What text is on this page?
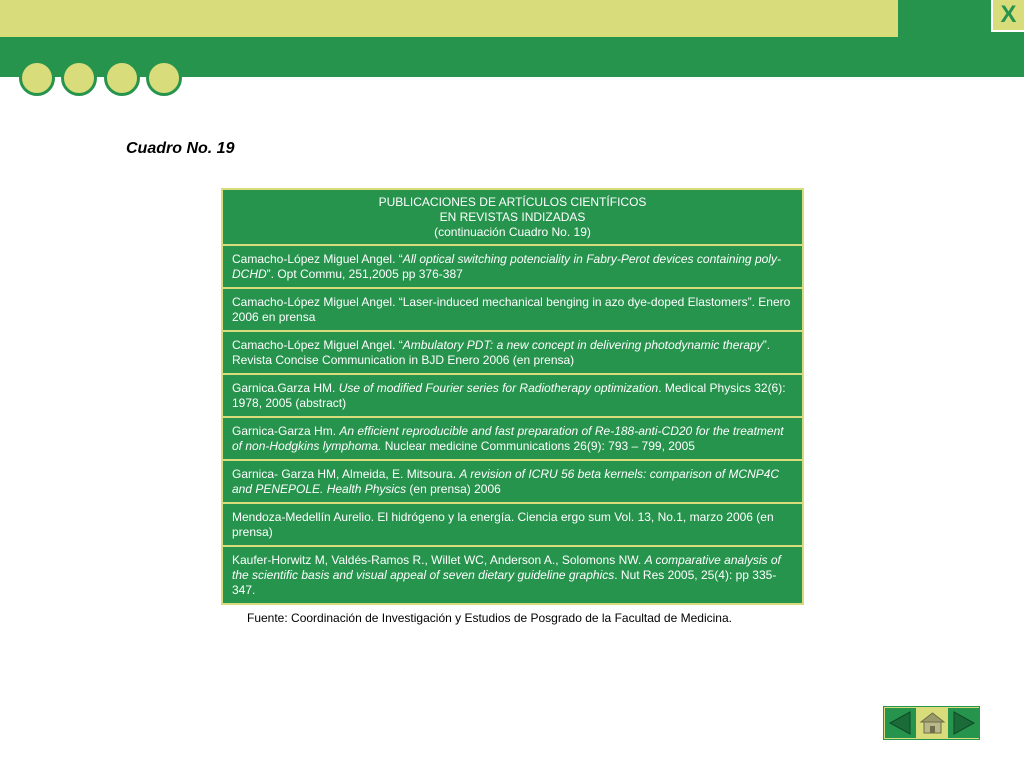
X
Cuadro No. 19
PUBLICACIONES DE ARTÍCULOS CIENTÍFICOS
EN REVISTAS INDIZADAS
(continuación Cuadro No. 19)

Camacho-López Miguel Angel. “All optical switching potenciality in Fabry-Perot devices containing poly-DCHD”. Opt Commu, 251,2005 pp 376-387
Camacho-López Miguel Angel. “Laser-induced mechanical benging in azo dye-doped Elastomers”. Enero 2006 en prensa
Camacho-López Miguel Angel. “Ambulatory PDT: a new concept in delivering photodynamic therapy”. Revista Concise Communication in BJD Enero 2006 (en prensa)
Garnica.Garza HM. Use of modified Fourier series for Radiotherapy optimization. Medical Physics 32(6): 1978, 2005 (abstract)
Garnica-Garza Hm. An efficient reproducible and fast preparation of Re-188-anti-CD20 for the treatment of non-Hodgkins lymphoma. Nuclear medicine Communications 26(9): 793 – 799, 2005
Garnica- Garza HM, Almeida, E. Mitsoura. A revision of ICRU 56 beta kernels: comparison of MCNP4C and PENEPOLE. Health Physics (en prensa) 2006
Mendoza-Medellín Aurelio. El hidrógeno y la energía. Ciencia ergo sum Vol. 13, No.1, marzo 2006 (en prensa)
Kaufer-Horwitz M, Valdés-Ramos R., Willet WC, Anderson A., Solomons NW. A comparative analysis of the scientific basis and visual appeal of seven dietary guideline graphics. Nut Res 2005, 25(4): pp 335-347.
Fuente: Coordinación de Investigación y Estudios de Posgrado de la Facultad de Medicina.
